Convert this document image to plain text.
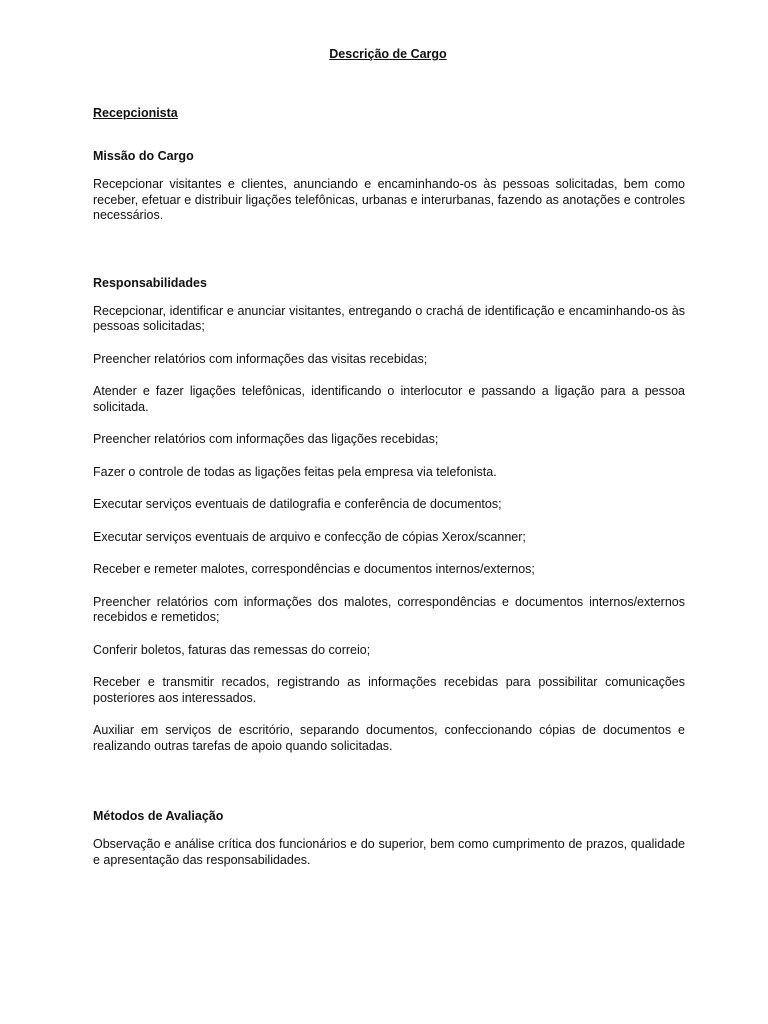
Descrição de Cargo
Recepcionista
Missão do Cargo

Recepcionar visitantes e clientes, anunciando e encaminhando-os às pessoas solicitadas, bem como receber, efetuar e distribuir ligações telefônicas, urbanas e interurbanas, fazendo as anotações e controles necessários.

Responsabilidades

Recepcionar, identificar e anunciar visitantes, entregando o crachá de identificação e encaminhando-os às pessoas solicitadas;

Preencher relatórios com informações das visitas recebidas;

Atender e fazer ligações telefônicas, identificando o interlocutor e passando a ligação para a pessoa solicitada.

Preencher relatórios com informações das ligações recebidas;

Fazer o controle de todas as ligações feitas pela empresa via telefonista.

Executar serviços eventuais de datilografia e conferência de documentos;

Executar serviços eventuais de arquivo e confecção de cópias Xerox/scanner;

Receber e remeter malotes, correspondências e documentos internos/externos;

Preencher relatórios com informações dos malotes, correspondências e documentos internos/externos recebidos e remetidos;

Conferir boletos, faturas das remessas do correio;

Receber e transmitir recados, registrando as informações recebidas para possibilitar comunicações posteriores aos interessados.

Auxiliar em serviços de escritório, separando documentos, confeccionando cópias de documentos e realizando outras tarefas de apoio quando solicitadas.

Métodos de Avaliação

Observação e análise crítica dos funcionários e do superior, bem como cumprimento de prazos, qualidade e apresentação das responsabilidades.
